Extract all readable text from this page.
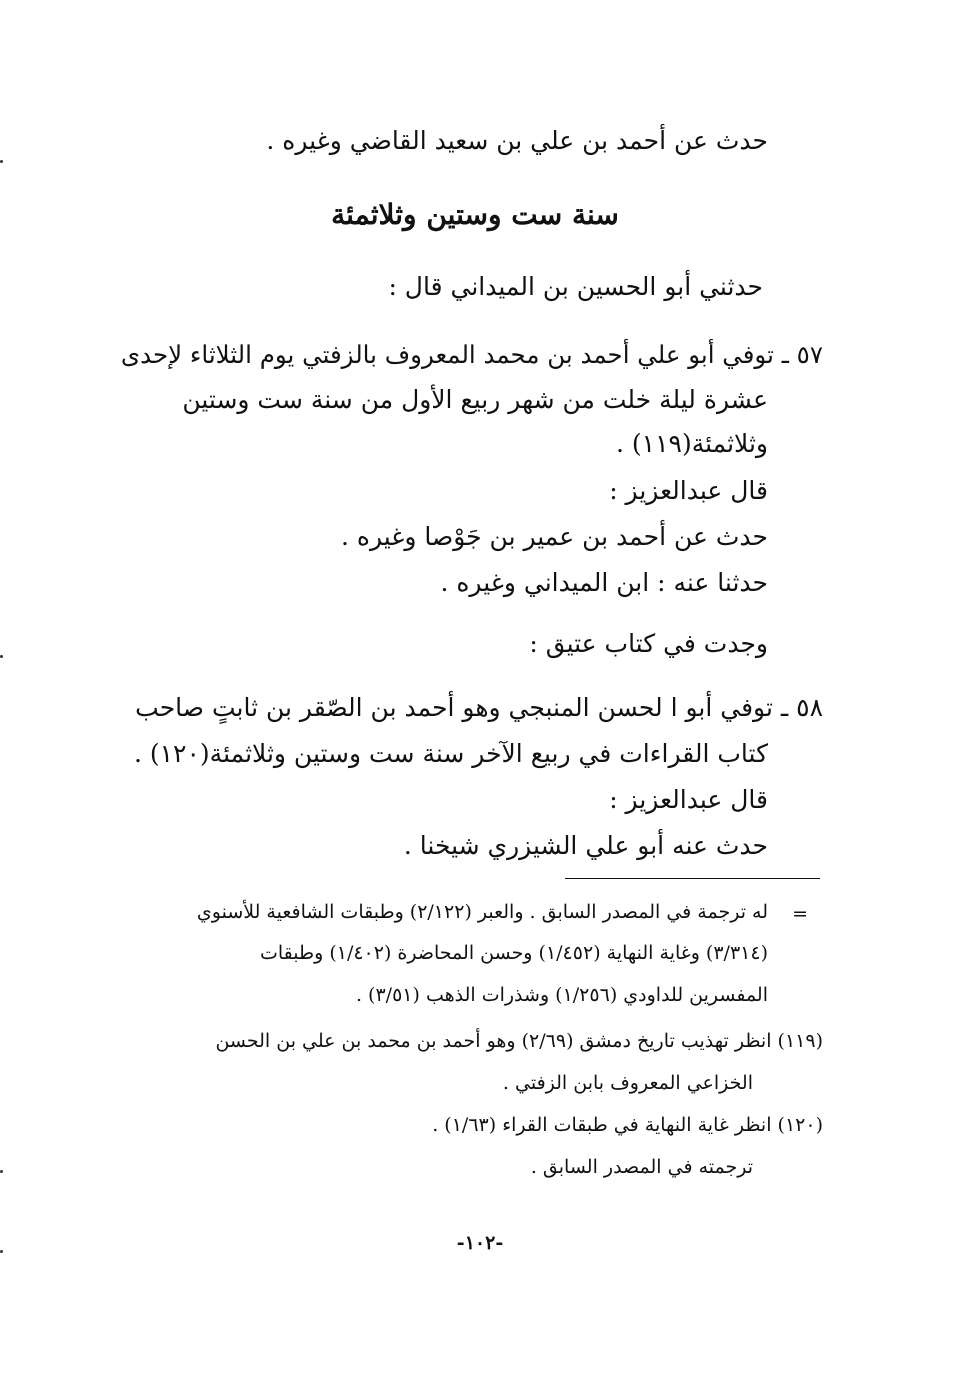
حدث عن أحمد بن علي بن سعيد القاضي وغيره .
سنة ست وستين وثلاثمئة
حدثني أبو الحسين بن الميداني قال :
٥٧ ـ توفي أبو علي أحمد بن محمد المعروف بالزفتي يوم الثلاثاء لإحدى
عشرة ليلة خلت من شهر ربيع الأول من سنة ست وستين
وثلاثمئة(١١٩) .
قال عبدالعزيز :
حدث عن أحمد بن عمير بن جَوْصا وغيره .
حدثنا عنه : ابن الميداني وغيره .
وجدت في كتاب عتيق :
٥٨ ـ توفي أبو ا لحسن المنبجي وهو أحمد بن الصّقر بن ثابتٍ صاحب
كتاب القراءات في ربيع الآخر سنة ست وستين وثلاثمئة(١٢٠) .
قال عبدالعزيز :
حدث عنه أبو علي الشيزري شيخنا .
=
له ترجمة في المصدر السابق . والعبر (٢/١٢٢) وطبقات الشافعية للأسنوي
(٣/٣١٤) وغاية النهاية (١/٤٥٢) وحسن المحاضرة (١/٤٠٢) وطبقات
المفسرين للداودي (١/٢٥٦) وشذرات الذهب (٣/٥١) .
(١١٩) انظر تهذيب تاريخ دمشق (٢/٦٩) وهو أحمد بن محمد بن علي بن الحسن
الخزاعي المعروف بابن الزفتي .
(١٢٠) انظر غاية النهاية في طبقات القراء (١/٦٣) .
ترجمته في المصدر السابق .
-١٠٢-
